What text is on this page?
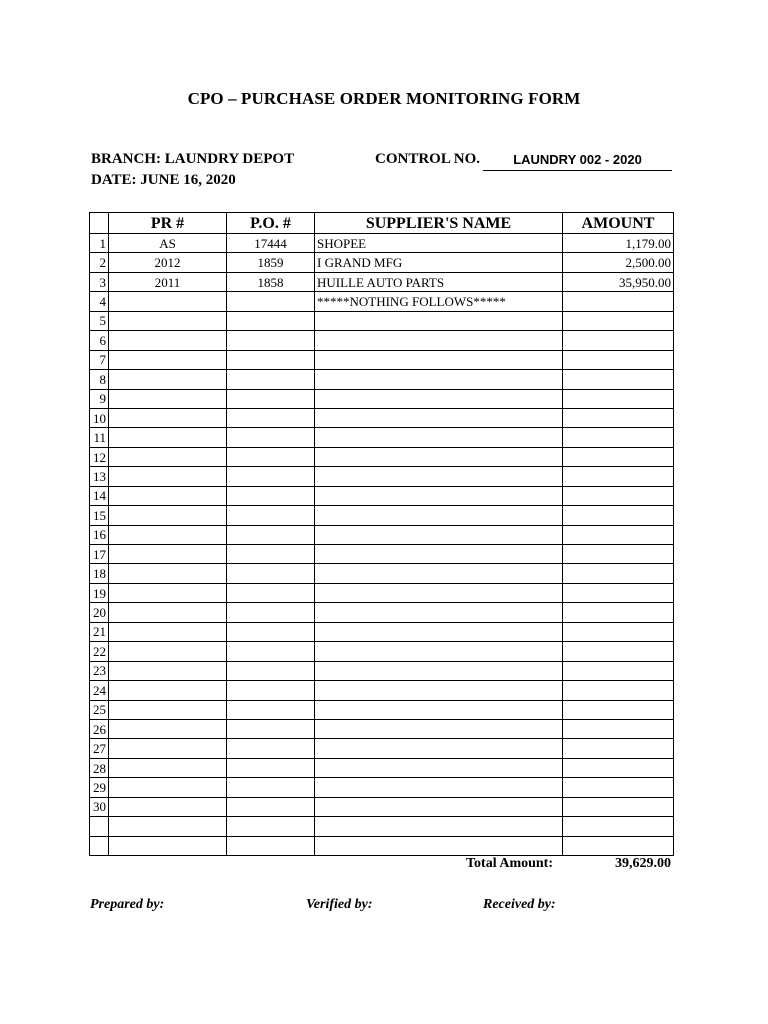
CPO – PURCHASE ORDER MONITORING FORM
BRANCH: LAUNDRY DEPOT
DATE: JUNE 16, 2020
CONTROL NO.	LAUNDRY 002 - 2020
	PR #	P.O. #	SUPPLIER'S NAME	AMOUNT
1	AS	17444	SHOPEE	1,179.00
2	2012	1859	I GRAND MFG	2,500.00
3	2011	1858	HUILLE AUTO PARTS	35,950.00
4			*****NOTHING FOLLOWS*****	
5				
6				
7				
8				
9				
10				
11				
12				
13				
14				
15				
16				
17				
18				
19				
20				
21				
22				
23				
24				
25				
26				
27				
28				
29				
30				

Total Amount:	39,629.00
Prepared by:	Verified by:	Received by:
